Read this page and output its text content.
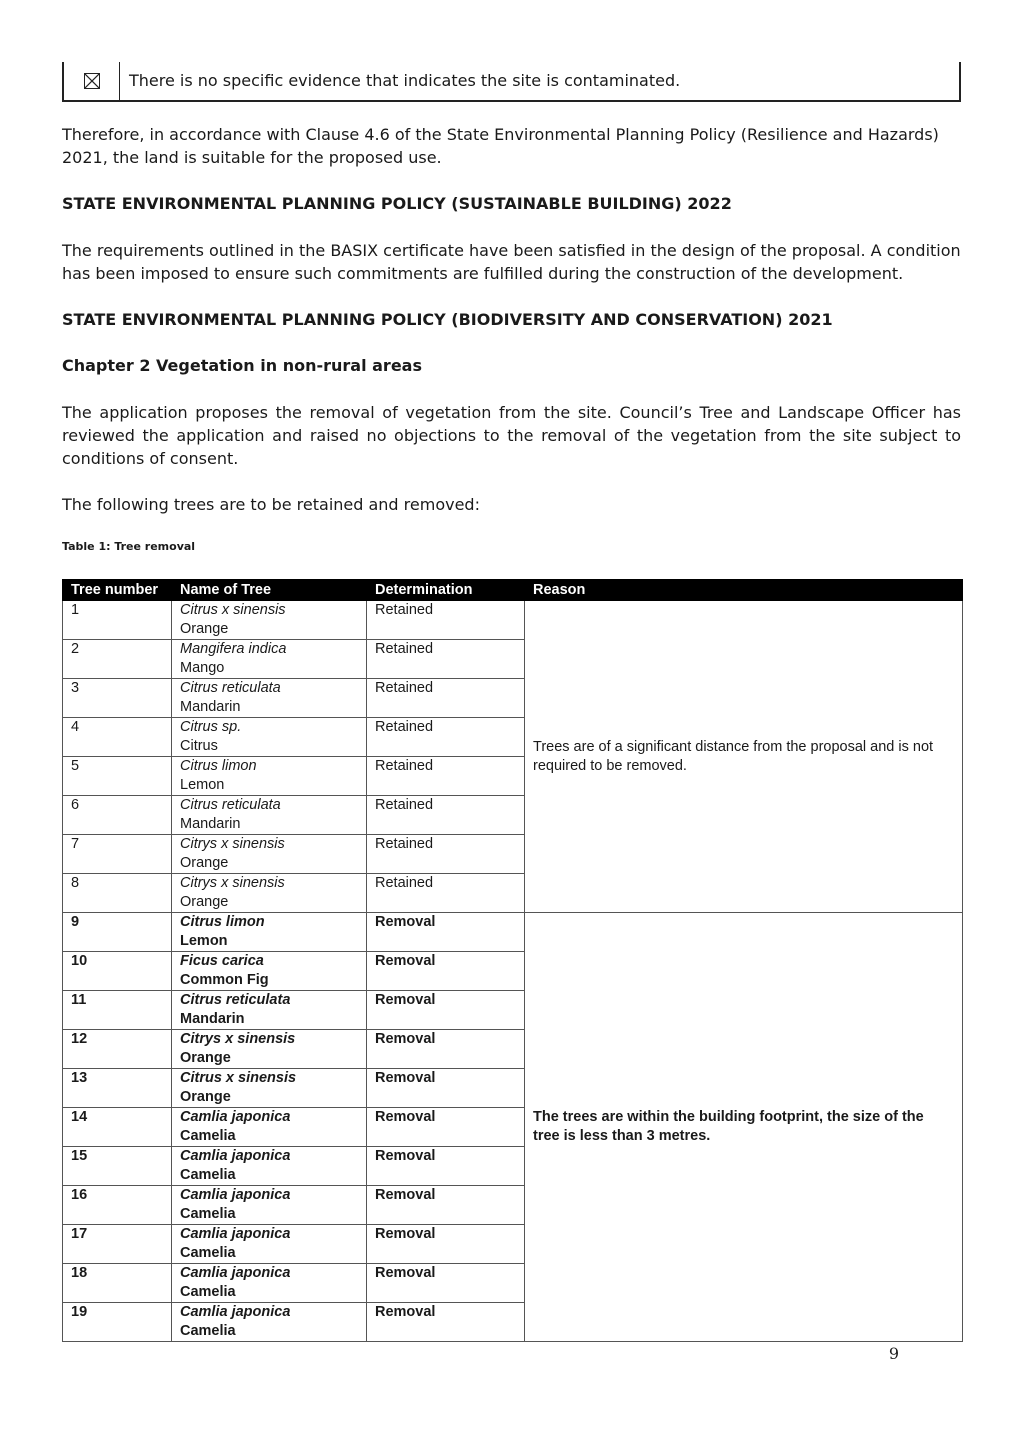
There is no specific evidence that indicates the site is contaminated.

Therefore, in accordance with Clause 4.6 of the State Environmental Planning Policy (Resilience and Hazards) 2021, the land is suitable for the proposed use.

STATE ENVIRONMENTAL PLANNING POLICY (SUSTAINABLE BUILDING) 2022

The requirements outlined in the BASIX certificate have been satisfied in the design of the proposal. A condition has been imposed to ensure such commitments are fulfilled during the construction of the development.

STATE ENVIRONMENTAL PLANNING POLICY (BIODIVERSITY AND CONSERVATION) 2021

Chapter 2 Vegetation in non-rural areas

The application proposes the removal of vegetation from the site. Council’s Tree and Landscape Officer has reviewed the application and raised no objections to the removal of the vegetation from the site subject to conditions of consent.

The following trees are to be retained and removed:

Table 1: Tree removal
Tree number	Name of Tree	Determination	Reason
1	Citrus x sinensis
Orange	Retained	Trees are of a significant distance from the proposal and is not required to be removed.
2	Mangifera indica
Mango	Retained	
3	Citrus reticulata
Mandarin	Retained	
4	Citrus sp.
Citrus	Retained	
5	Citrus limon
Lemon	Retained	
6	Citrus reticulata
Mandarin	Retained	
7	Citrys x sinensis
Orange	Retained	
8	Citrys x sinensis
Orange	Retained	
9	Citrus limon
Lemon	Removal	The trees are within the building footprint, the size of the tree is less than 3 metres.
10	Ficus carica
Common Fig	Removal	
11	Citrus reticulata
Mandarin	Removal	
12	Citrys x sinensis
Orange	Removal	
13	Citrus x sinensis
Orange	Removal	
14	Camlia japonica
Camelia	Removal	
15	Camlia japonica
Camelia	Removal	
16	Camlia japonica
Camelia	Removal	
17	Camlia japonica
Camelia	Removal	
18	Camlia japonica
Camelia	Removal	
19	Camlia japonica
Camelia	Removal	
9
